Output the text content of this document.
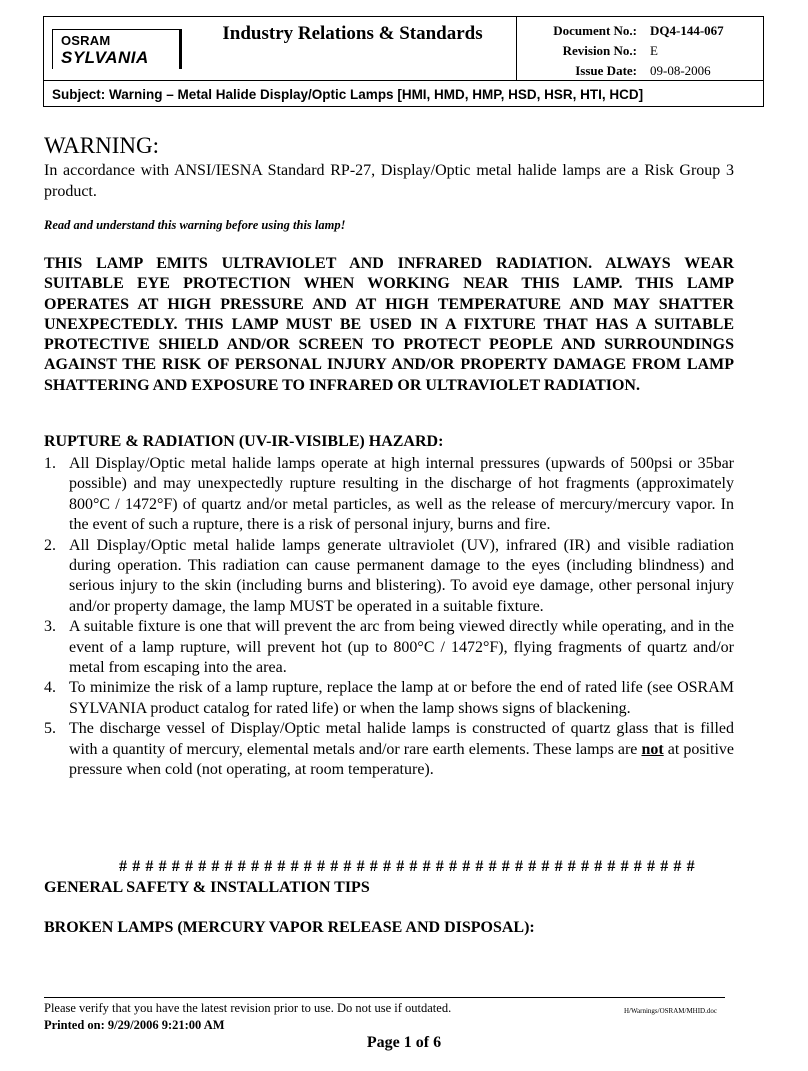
OSRAM
SYLVANIA
Industry Relations & Standards	Document No.: DQ4-144-067
Revision No.: E
Issue Date: 09-08-2006
Subject: Warning – Metal Halide Display/Optic Lamps [HMI, HMD, HMP, HSD, HSR, HTI, HCD]
WARNING:
In accordance with ANSI/IESNA Standard RP-27, Display/Optic metal halide lamps are a Risk Group 3 product.
Read and understand this warning before using this lamp!
THIS LAMP EMITS ULTRAVIOLET AND INFRARED RADIATION. ALWAYS WEAR SUITABLE EYE PROTECTION WHEN WORKING NEAR THIS LAMP. THIS LAMP OPERATES AT HIGH PRESSURE AND AT HIGH TEMPERATURE AND MAY SHATTER UNEXPECTEDLY. THIS LAMP MUST BE USED IN A FIXTURE THAT HAS A SUITABLE PROTECTIVE SHIELD AND/OR SCREEN TO PROTECT PEOPLE AND SURROUNDINGS AGAINST THE RISK OF PERSONAL INJURY AND/OR PROPERTY DAMAGE FROM LAMP SHATTERING AND EXPOSURE TO INFRARED OR ULTRAVIOLET RADIATION.
RUPTURE & RADIATION (UV-IR-VISIBLE) HAZARD:
1. All Display/Optic metal halide lamps operate at high internal pressures (upwards of 500psi or 35bar possible) and may unexpectedly rupture resulting in the discharge of hot fragments (approximately 800°C / 1472°F) of quartz and/or metal particles, as well as the release of mercury/mercury vapor. In the event of such a rupture, there is a risk of personal injury, burns and fire.
2. All Display/Optic metal halide lamps generate ultraviolet (UV), infrared (IR) and visible radiation during operation. This radiation can cause permanent damage to the eyes (including blindness) and serious injury to the skin (including burns and blistering). To avoid eye damage, other personal injury and/or property damage, the lamp MUST be operated in a suitable fixture.
3. A suitable fixture is one that will prevent the arc from being viewed directly while operating, and in the event of a lamp rupture, will prevent hot (up to 800°C / 1472°F), flying fragments of quartz and/or metal from escaping into the area.
4. To minimize the risk of a lamp rupture, replace the lamp at or before the end of rated life (see OSRAM SYLVANIA product catalog for rated life) or when the lamp shows signs of blackening.
5. The discharge vessel of Display/Optic metal halide lamps is constructed of quartz glass that is filled with a quantity of mercury, elemental metals and/or rare earth elements. These lamps are not at positive pressure when cold (not operating, at room temperature).
# # # # # # # # # # # # # # # # # # # # # # # # # # # # # # # # # # # # # # # # # # # #
GENERAL SAFETY & INSTALLATION TIPS
BROKEN LAMPS (MERCURY VAPOR RELEASE AND DISPOSAL):
Please verify that you have the latest revision prior to use. Do not use if outdated.	H/Warnings/OSRAM/MHID.doc
Printed on: 9/29/2006 9:21:00 AM
Page 1 of 6
